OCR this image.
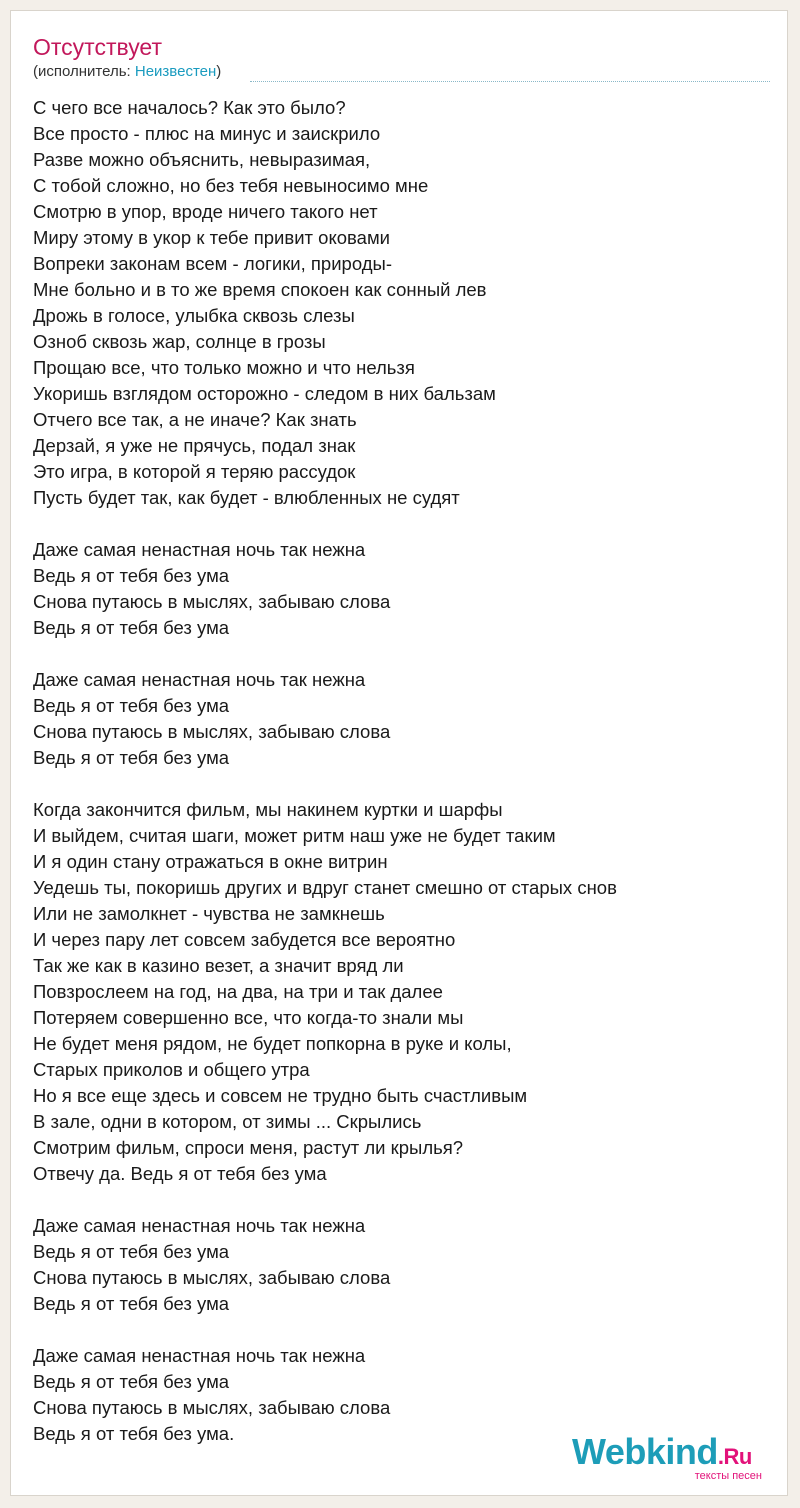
Отсутствует
(исполнитель: Неизвестен)
С чего все началось? Как это было?
Все просто - плюс на минус и заискрило
Разве можно объяснить, невыразимая,
С тобой сложно, но без тебя невыносимо мне
Смотрю в упор, вроде ничего такого нет
Миру этому в укор к тебе привит оковами
Вопреки законам всем - логики, природы-
Мне больно и в то же время спокоен как сонный лев
Дрожь в голосе, улыбка сквозь слезы
Озноб сквозь жар, солнце в грозы
Прощаю все, что только можно и что нельзя
Укоришь взглядом осторожно - следом в них бальзам
Отчего все так, а не иначе? Как знать
Дерзай, я уже не прячусь, подал знак
Это игра, в которой я теряю рассудок
Пусть будет так, как будет - влюбленных не судят
Даже самая ненастная ночь так нежна
Ведь я от тебя без ума
Снова путаюсь в мыслях, забываю слова
Ведь я от тебя без ума
Даже самая ненастная ночь так нежна
Ведь я от тебя без ума
Снова путаюсь в мыслях, забываю слова
Ведь я от тебя без ума
Когда закончится фильм, мы накинем куртки и шарфы
И выйдем, считая шаги, может ритм наш уже не будет таким
И я один стану отражаться в окне витрин
Уедешь ты, покоришь других и вдруг станет смешно от старых снов
Или не замолкнет - чувства не замкнешь
И через пару лет совсем забудется все вероятно
Так же как в казино везет, а значит вряд ли
Повзрослеем на год, на два, на три и так далее
Потеряем совершенно все, что когда-то знали мы
Не будет меня рядом, не будет попкорна в руке и колы,
Старых приколов и общего утра
Но я все еще здесь и совсем не трудно быть счастливым
В зале, одни в котором, от зимы ... Скрылись
Смотрим фильм, спроси меня, растут ли крылья?
Отвечу да. Ведь я от тебя без ума
Даже самая ненастная ночь так нежна
Ведь я от тебя без ума
Снова путаюсь в мыслях, забываю слова
Ведь я от тебя без ума
Даже самая ненастная ночь так нежна
Ведь я от тебя без ума
Снова путаюсь в мыслях, забываю слова
Ведь я от тебя без ума.	Webkind.Ru
тексты песен
